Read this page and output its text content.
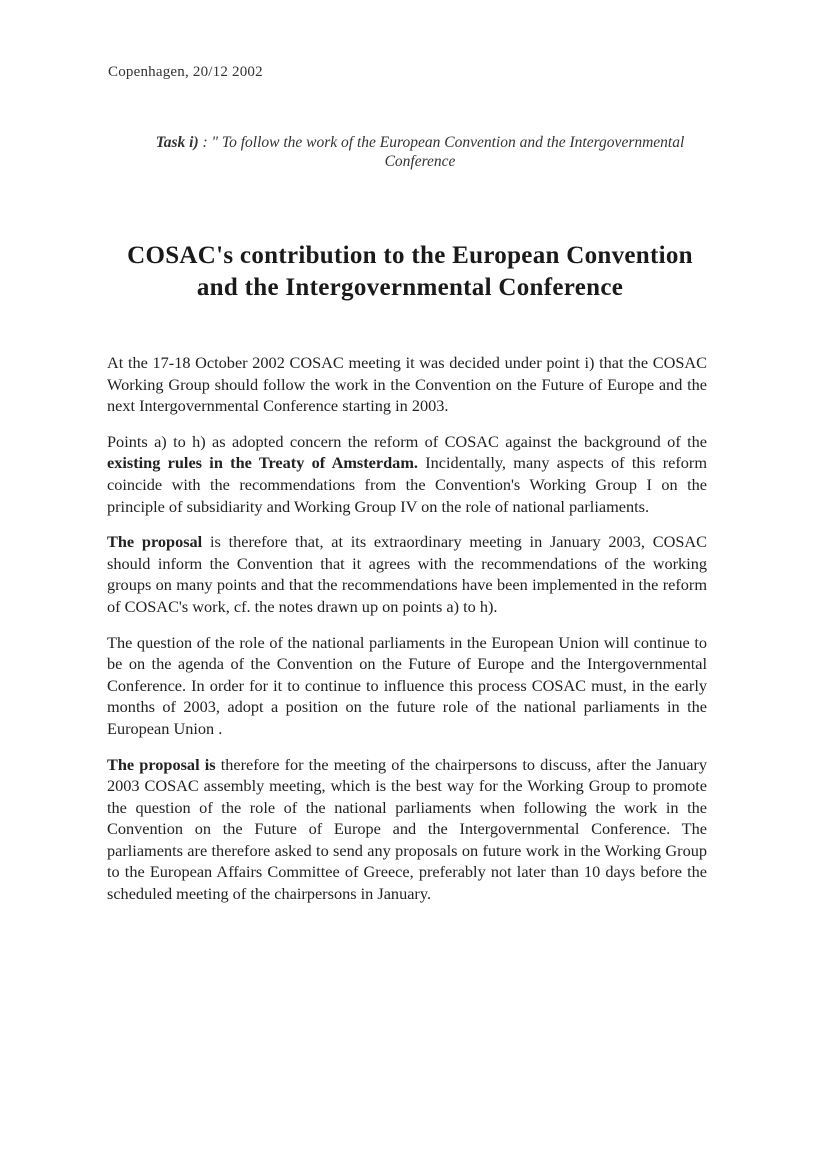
Copenhagen, 20/12 2002
Task i) : " To follow the work of the European Convention and the Intergovernmental Conference
COSAC's contribution to the European Convention
and the Intergovernmental Conference

At the 17-18 October 2002 COSAC meeting it was decided under point i) that the COSAC Working Group should follow the work in the Convention on the Future of Europe and the next Intergovernmental Conference starting in 2003.

Points a) to h) as adopted concern the reform of COSAC against the background of the existing rules in the Treaty of Amsterdam. Incidentally, many aspects of this reform coincide with the recommendations from the Convention's Working Group I on the principle of subsidiarity and Working Group IV on the role of national parliaments.

The proposal is therefore that, at its extraordinary meeting in January 2003, COSAC should inform the Convention that it agrees with the recommendations of the working groups on many points and that the recommendations have been implemented in the reform of COSAC's work, cf. the notes drawn up on points a) to h).

The question of the role of the national parliaments in the European Union will continue to be on the agenda of the Convention on the Future of Europe and the Intergovernmental Conference. In order for it to continue to influence this process COSAC must, in the early months of 2003, adopt a position on the future role of the national parliaments in the European Union .

The proposal is therefore for the meeting of the chairpersons to discuss, after the January 2003 COSAC assembly meeting, which is the best way for the Working Group to promote the question of the role of the national parliaments when following the work in the Convention on the Future of Europe and the Intergovernmental Conference. The parliaments are therefore asked to send any proposals on future work in the Working Group to the European Affairs Committee of Greece, preferably not later than 10 days before the scheduled meeting of the chairpersons in January.
